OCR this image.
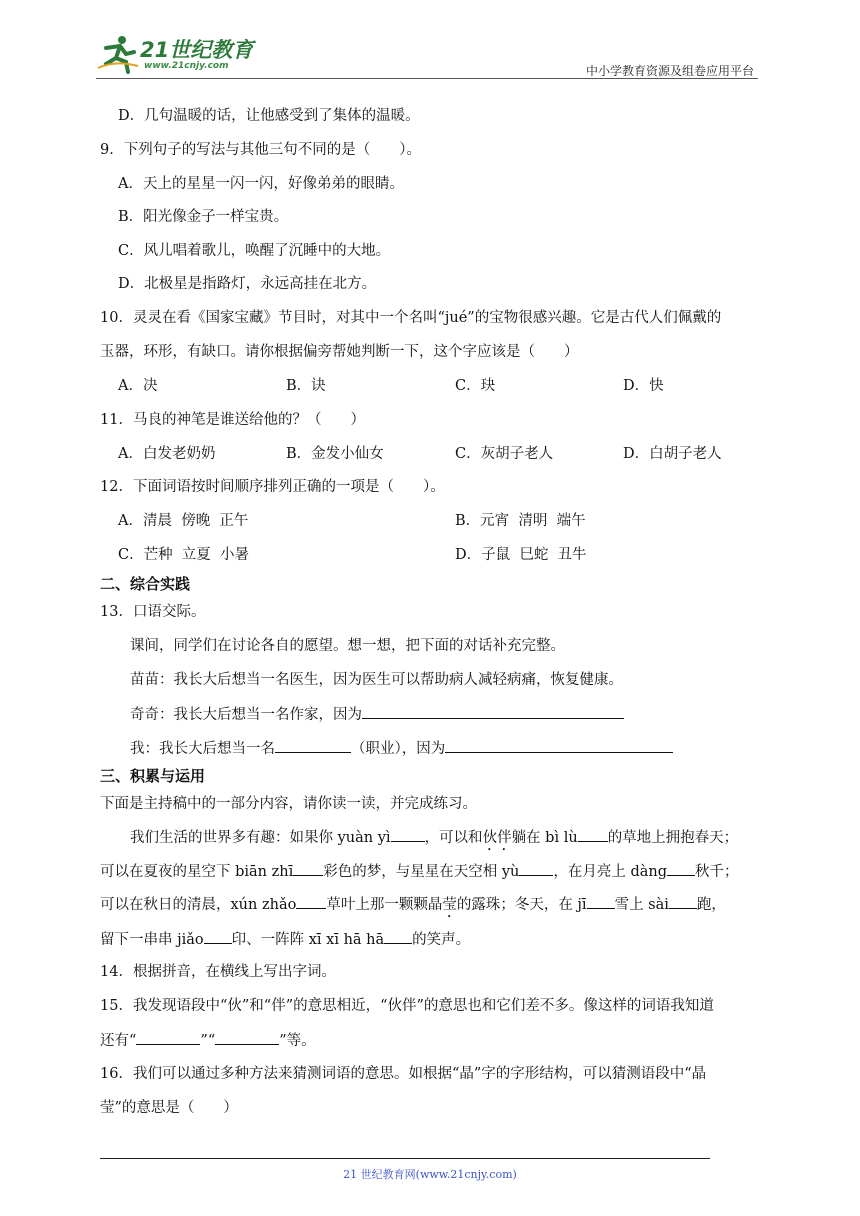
21世纪教育
www.21cnjy.com	中小学教育资源及组卷应用平台
D．几句温暖的话，让他感受到了集体的温暖。
9．下列句子的写法与其他三句不同的是（　　）。
A．天上的星星一闪一闪，好像弟弟的眼睛。
B．阳光像金子一样宝贵。
C．风儿唱着歌儿，唤醒了沉睡中的大地。
D．北极星是指路灯，永远高挂在北方。
10．灵灵在看《国家宝藏》节目时，对其中一个名叫“jué”的宝物很感兴趣。它是古代人们佩戴的
玉器，环形，有缺口。请你根据偏旁帮她判断一下，这个字应该是（　　）
A．决	B．诀	C．玦	D．快
11．马良的神笔是谁送给他的？（　　）
A．白发老奶奶	B．金发小仙女	C．灰胡子老人	D．白胡子老人
12．下面词语按时间顺序排列正确的一项是（　　）。
A．清晨  傍晚  正午	B．元宵  清明  端午
C．芒种  立夏  小暑	D．子鼠  巳蛇  丑牛
二、综合实践
13．口语交际。
课间，同学们在讨论各自的愿望。想一想，把下面的对话补充完整。
苗苗：我长大后想当一名医生，因为医生可以帮助病人减轻病痛，恢复健康。
奇奇：我长大后想当一名作家，因为
我：我长大后想当一名	（职业），因为
三、积累与运用
下面是主持稿中的一部分内容，请你读一读，并完成练习。
我们生活的世界多有趣：如果你 yuàn yì ，可以和伙伴躺在 bì lù 的草地上拥抱春天；
可以在夏夜的星空下 biān zhī 彩色的梦，与星星在天空相 yù ，在月亮上 dàng 秋千；
可以在秋日的清晨，xún zhǎo 草叶上那一颗颗晶莹的露珠；冬天，在 jī 雪上 sài 跑，
留下一串串 jiǎo 印、一阵阵 xī xī hā hā 的笑声。
14．根据拼音，在横线上写出字词。
15．我发现语段中“伙”和“伴”的意思相近，“伙伴”的意思也和它们差不多。像这样的词语我知道
还有“	”“	”等。
16．我们可以通过多种方法来猜测词语的意思。如根据“晶”字的字形结构，可以猜测语段中“晶
莹”的意思是（　　）
21 世纪教育网(www.21cnjy.com)
